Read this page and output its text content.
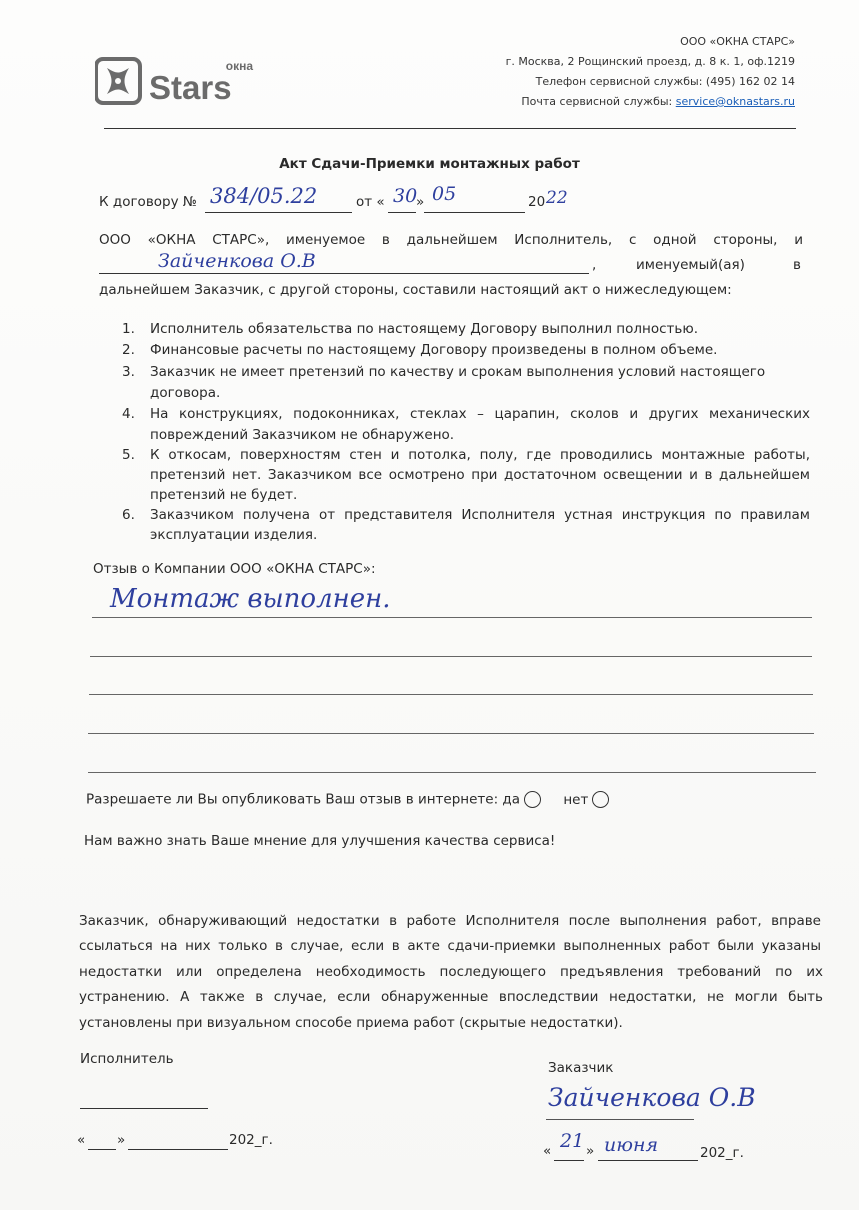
окна
Stars
ООО «ОКНА СТАРС»
г. Москва, 2 Рощинский проезд, д. 8 к. 1, оф.1219
Телефон сервисной службы: (495) 162 02 14
Почта сервисной службы: service@oknastars.ru
Акт Сдачи-Приемки монтажных работ
К договору № 384/05.22	от « 30
» 05	20 22
ООО «ОКНА СТАРС», именуемое в дальнейшем Исполнитель, с одной стороны, и
Зайченкова О.В	,	именуемый(ая)	в
дальнейшем Заказчик, с другой стороны, составили настоящий акт о нижеследующем:
1. Исполнитель обязательства по настоящему Договору выполнил полностью.
2. Финансовые расчеты по настоящему Договору произведены в полном объеме.
3. Заказчик не имеет претензий по качеству и срокам выполнения условий настоящего
договора.
4. На конструкциях, подоконниках, стеклах – царапин, сколов и других механических
повреждений Заказчиком не обнаружено.
5. К откосам, поверхностям стен и потолка, полу, где проводились монтажные работы,
претензий нет. Заказчиком все осмотрено при достаточном освещении и в дальнейшем
претензий не будет.
6. Заказчиком получена от представителя Исполнителя устная инструкция по правилам
эксплуатации изделия.
Отзыв о Компании ООО «ОКНА СТАРС»:
Монтаж выполнен.
Разрешаете ли Вы опубликовать Ваш отзыв в интернете: да	нет
Нам важно знать Ваше мнение для улучшения качества сервиса!
Заказчик, обнаруживающий недостатки в работе Исполнителя после выполнения работ, вправе
ссылаться на них только в случае, если в акте сдачи-приемки выполненных работ были указаны
недостатки или определена необходимость последующего предъявления требований по их
устранению. А также в случае, если обнаруженные впоследствии недостатки, не могли быть
установлены при визуальном способе приема работ (скрытые недостатки).
Исполнитель
« »	202_г.
Заказчик
Зайченкова О.В
« 21 » июня	202_г.
